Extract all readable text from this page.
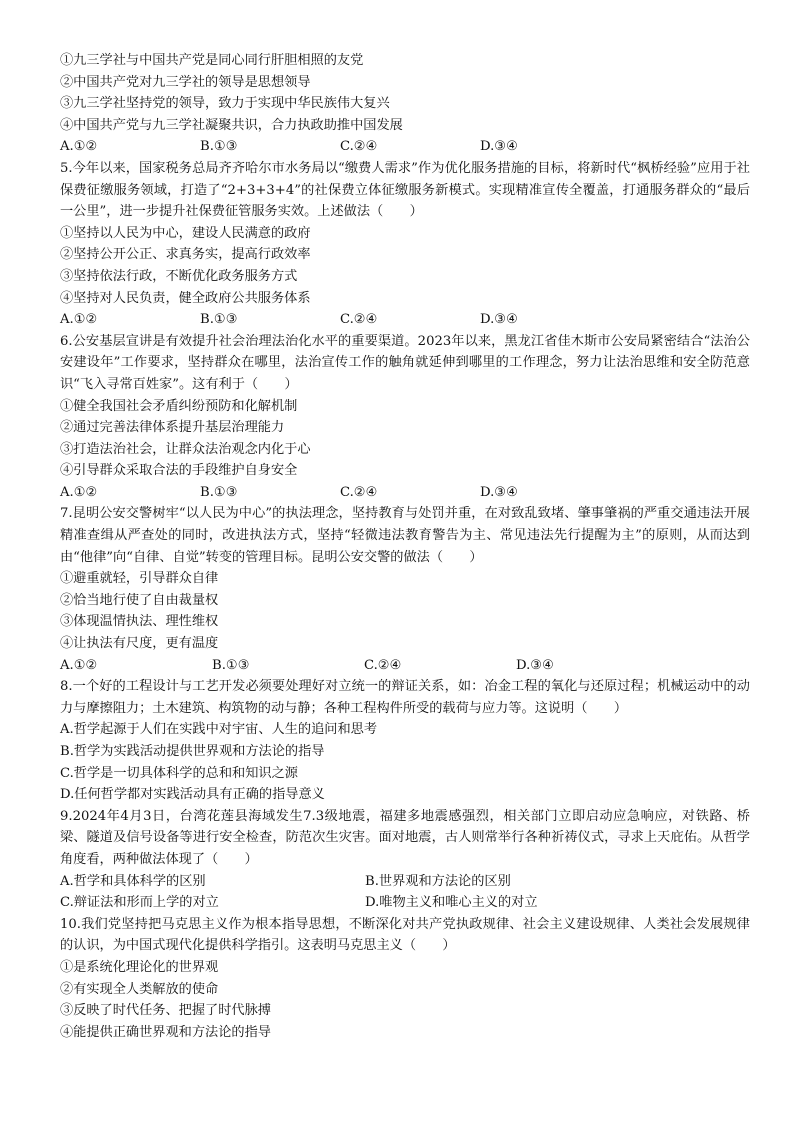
①九三学社与中国共产党是同心同行肝胆相照的友党
②中国共产党对九三学社的领导是思想领导
③九三学社坚持党的领导，致力于实现中华民族伟大复兴
④中国共产党与九三学社凝聚共识，合力执政助推中国发展
A.①②	B.①③	C.②④	D.③④
5.今年以来，国家税务总局齐齐哈尔市水务局以“缴费人需求”作为优化服务措施的目标，将新时代“枫桥经验”应用于社保费征缴服务领域，打造了“2+3+3+4”的社保费立体征缴服务新模式。实现精准宣传全覆盖，打通服务群众的“最后一公里”，进一步提升社保费征管服务实效。上述做法（　　）
①坚持以人民为中心，建设人民满意的政府
②坚持公开公正、求真务实，提高行政效率
③坚持依法行政，不断优化政务服务方式
④坚持对人民负责，健全政府公共服务体系
A.①②	B.①③	C.②④	D.③④
6.公安基层宣讲是有效提升社会治理法治化水平的重要渠道。2023年以来，黑龙江省佳木斯市公安局紧密结合“法治公安建设年”工作要求，坚持群众在哪里，法治宣传工作的触角就延伸到哪里的工作理念，努力让法治思维和安全防范意识“飞入寻常百姓家”。这有利于（　　）
①健全我国社会矛盾纠纷预防和化解机制
②通过完善法律体系提升基层治理能力
③打造法治社会，让群众法治观念内化于心
④引导群众采取合法的手段维护自身安全
A.①②	B.①③	C.②④	D.③④
7.昆明公安交警树牢“以人民为中心”的执法理念，坚持教育与处罚并重，在对致乱致堵、肇事肇祸的严重交通违法开展精准查缉从严查处的同时，改进执法方式，坚持“轻微违法教育警告为主、常见违法先行提醒为主”的原则，从而达到由“他律”向“自律、自觉”转变的管理目标。昆明公安交警的做法（　　）
①避重就轻，引导群众自律
②恰当地行使了自由裁量权
③体现温情执法、理性维权
④让执法有尺度，更有温度
A.①②	B.①③	C.②④	D.③④
8.一个好的工程设计与工艺开发必须要处理好对立统一的辩证关系，如：冶金工程的氧化与还原过程；机械运动中的动力与摩擦阻力；土木建筑、构筑物的动与静；各种工程构件所受的载荷与应力等。这说明（　　）
A.哲学起源于人们在实践中对宇宙、人生的追问和思考
B.哲学为实践活动提供世界观和方法论的指导
C.哲学是一切具体科学的总和和知识之源
D.任何哲学都对实践活动具有正确的指导意义
9.2024年4月3日，台湾花莲县海域发生7.3级地震，福建多地震感强烈，相关部门立即启动应急响应，对铁路、桥梁、隧道及信号设备等进行安全检查，防范次生灾害。面对地震，古人则常举行各种祈祷仪式，寻求上天庇佑。从哲学角度看，两种做法体现了（　　）
A.哲学和具体科学的区别	B.世界观和方法论的区别
C.辩证法和形而上学的对立	D.唯物主义和唯心主义的对立
10.我们党坚持把马克思主义作为根本指导思想，不断深化对共产党执政规律、社会主义建设规律、人类社会发展规律的认识，为中国式现代化提供科学指引。这表明马克思主义（　　）
①是系统化理论化的世界观
②有实现全人类解放的使命
③反映了时代任务、把握了时代脉搏
④能提供正确世界观和方法论的指导
